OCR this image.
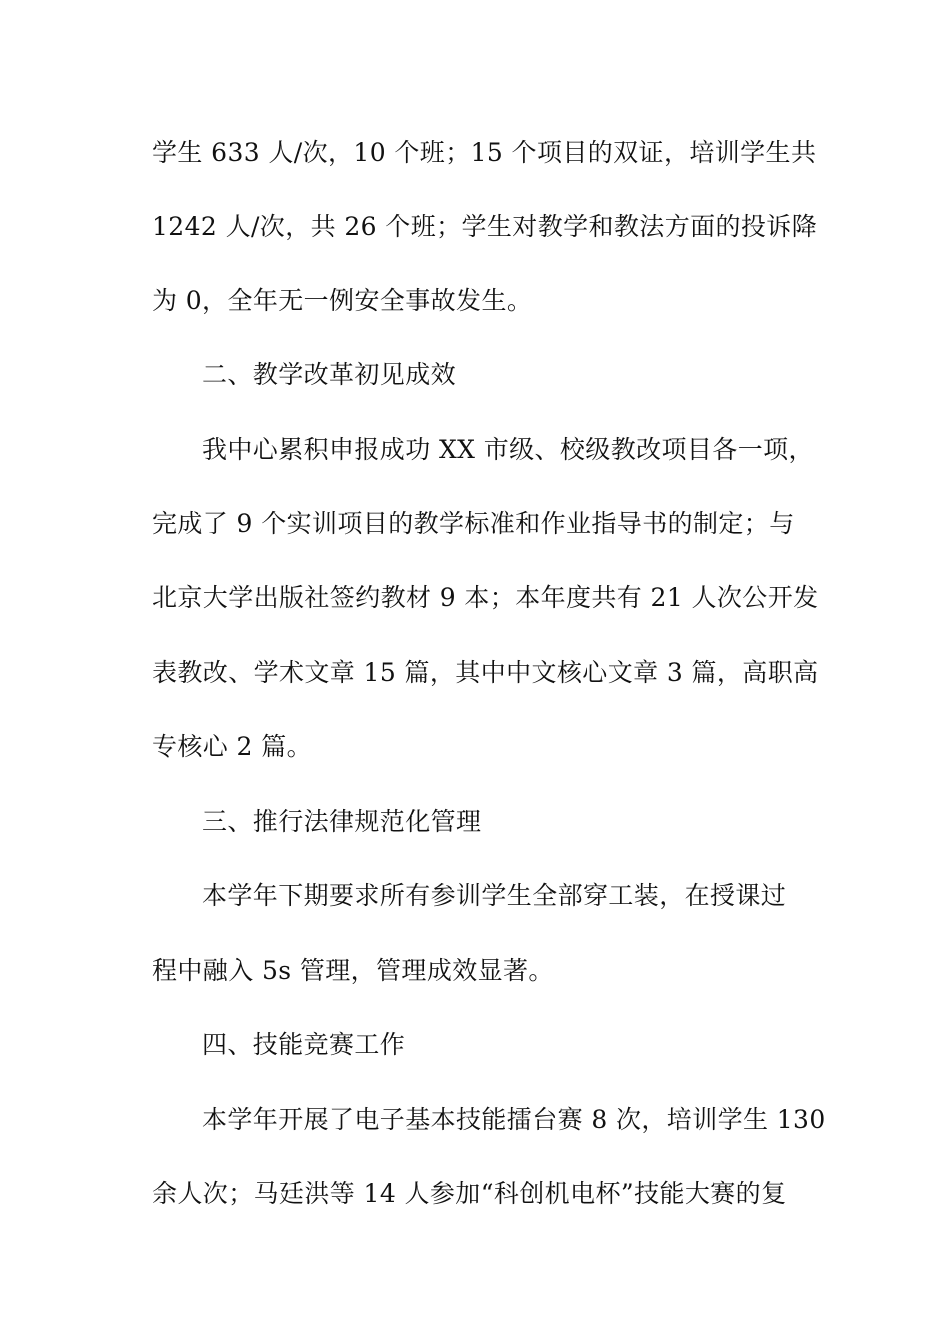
学生 633 人/次，10 个班；15 个项目的双证，培训学生共
1242 人/次，共 26 个班；学生对教学和教法方面的投诉降
为 0，全年无一例安全事故发生。
二、教学改革初见成效
我中心累积申报成功 XX 市级、校级教改项目各一项，
完成了 9 个实训项目的教学标准和作业指导书的制定；与
北京大学出版社签约教材 9 本；本年度共有 21 人次公开发
表教改、学术文章 15 篇，其中中文核心文章 3 篇，高职高
专核心 2 篇。
三、推行法律规范化管理
本学年下期要求所有参训学生全部穿工装，在授课过
程中融入 5s 管理，管理成效显著。
四、技能竞赛工作
本学年开展了电子基本技能擂台赛 8 次，培训学生 130
余人次；马廷洪等 14 人参加“科创机电杯”技能大赛的复
